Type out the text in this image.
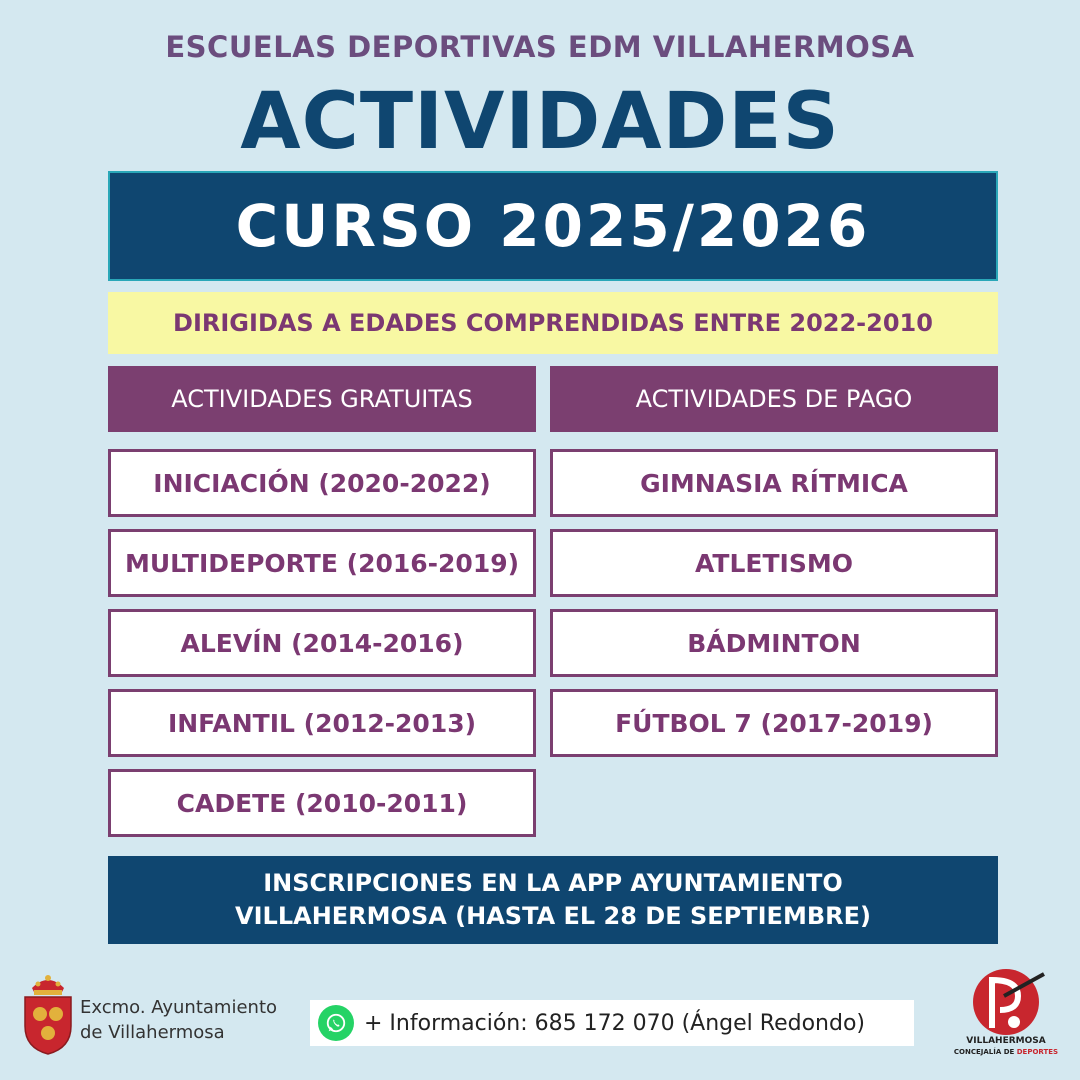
ESCUELAS DEPORTIVAS EDM VILLAHERMOSA
ACTIVIDADES
CURSO 2025/2026
DIRIGIDAS A EDADES COMPRENDIDAS ENTRE 2022-2010
ACTIVIDADES GRATUITAS	ACTIVIDADES DE PAGO
INICIACIÓN (2020-2022)
MULTIDEPORTE (2016-2019)
ALEVÍN (2014-2016)
INFANTIL (2012-2013)
CADETE (2010-2011)
GIMNASIA RÍTMICA
ATLETISMO
BÁDMINTON
FÚTBOL 7 (2017-2019)
INSCRIPCIONES EN LA APP AYUNTAMIENTO
VILLAHERMOSA (HASTA EL 28 DE SEPTIEMBRE)
Excmo. Ayuntamiento
de Villahermosa	+ Información: 685 172 070 (Ángel Redondo)
VILLAHERMOSA
CONCEJALÍA DE DEPORTES
